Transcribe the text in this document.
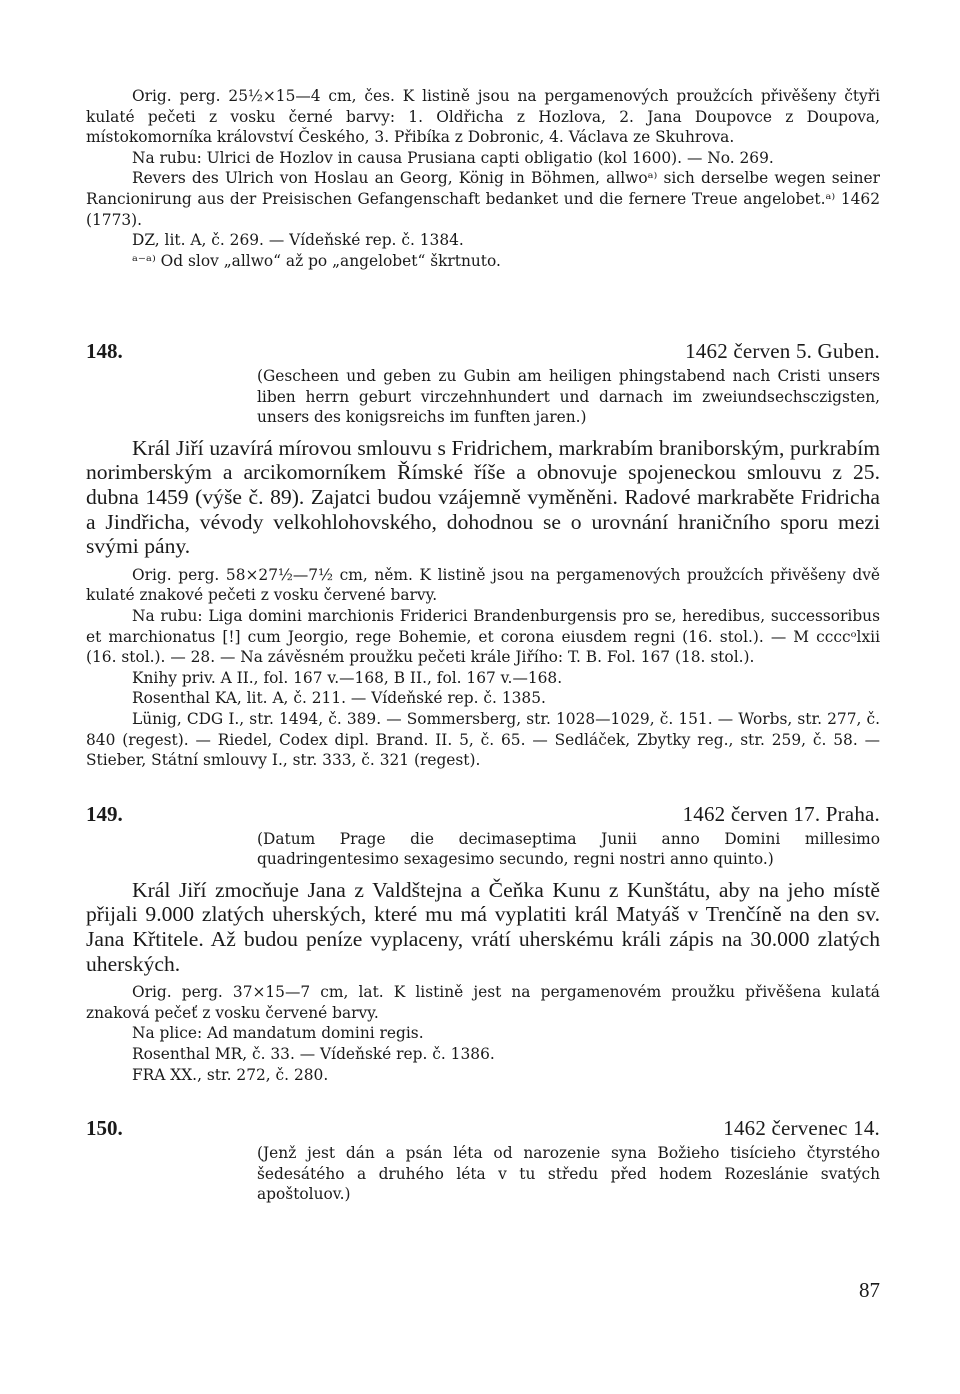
Orig. perg. 25½×15—4 cm, čes. K listině jsou na pergamenových proužcích přivěšeny čtyři kulaté pečeti z vosku černé barvy: 1. Oldřicha z Hozlova, 2. Jana Doupovce z Doupova, místokomorníka království Českého, 3. Přibíka z Dobronic, 4. Václava ze Skuhrova.

Na rubu: Ulrici de Hozlov in causa Prusiana capti obligatio (kol 1600). — No. 269.

Revers des Ulrich von Hoslau an Georg, König in Böhmen, allwoᵃ⁾ sich derselbe wegen seiner Rancionirung aus der Preisischen Gefangenschaft bedanket und die fernere Treue angelobet.ᵃ⁾ 1462 (1773).

DZ, lit. A, č. 269. — Vídeňské rep. č. 1384.

ᵃ⁻ᵃ⁾ Od slov „allwo“ až po „angelobet“ škrtnuto.

148.	1462 červen 5. Guben.

(Gescheen und geben zu Gubin am heiligen phingstabend nach Cristi unsers liben herrn geburt virczehnhundert und darnach im zweiundsechsczigsten, unsers des konigsreichs im funften jaren.)

Král Jiří uzavírá mírovou smlouvu s Fridrichem, markrabím braniborským, purkrabím norimberským a arcikomorníkem Římské říše a obnovuje spojeneckou smlouvu z 25. dubna 1459 (výše č. 89). Zajatci budou vzájemně vyměněni. Radové markraběte Fridricha a Jindřicha, vévody velkohlohovského, dohodnou se o urovnání hraničního sporu mezi svými pány.

Orig. perg. 58×27½—7½ cm, něm. K listině jsou na pergamenových proužcích přivěšeny dvě kulaté znakové pečeti z vosku červené barvy.

Na rubu: Liga domini marchionis Friderici Brandenburgensis pro se, heredibus, successoribus et marchionatus [!] cum Jeorgio, rege Bohemie, et corona eiusdem regni (16. stol.). — M ccccᵒlxii (16. stol.). — 28. — Na závěsném proužku pečeti krále Jiřího: T. B. Fol. 167 (18. stol.).

Knihy priv. A II., fol. 167 v.—168, B II., fol. 167 v.—168.

Rosenthal KA, lit. A, č. 211. — Vídeňské rep. č. 1385.

Lünig, CDG I., str. 1494, č. 389. — Sommersberg, str. 1028—1029, č. 151. — Worbs, str. 277, č. 840 (regest). — Riedel, Codex dipl. Brand. II. 5, č. 65. — Sedláček, Zbytky reg., str. 259, č. 58. — Stieber, Státní smlouvy I., str. 333, č. 321 (regest).

149.	1462 červen 17. Praha.

(Datum Prage die decimaseptima Junii anno Domini millesimo quadringentesimo sexagesimo secundo, regni nostri anno quinto.)

Král Jiří zmocňuje Jana z Valdštejna a Čeňka Kunu z Kunštátu, aby na jeho místě přijali 9.000 zlatých uherských, které mu má vyplatiti král Matyáš v Trenčíně na den sv. Jana Křtitele. Až budou peníze vyplaceny, vrátí uherskému králi zápis na 30.000 zlatých uherských.

Orig. perg. 37×15—7 cm, lat. K listině jest na pergamenovém proužku přivěšena kulatá znaková pečeť z vosku červené barvy.

Na plice: Ad mandatum domini regis.

Rosenthal MR, č. 33. — Vídeňské rep. č. 1386.

FRA XX., str. 272, č. 280.

150.	1462 červenec 14.

(Jenž jest dán a psán léta od narozenie syna Božieho tisícieho čtyrstého šedesátého a druhého léta v tu středu před hodem Rozeslánie svatých apoštoluov.)

87
